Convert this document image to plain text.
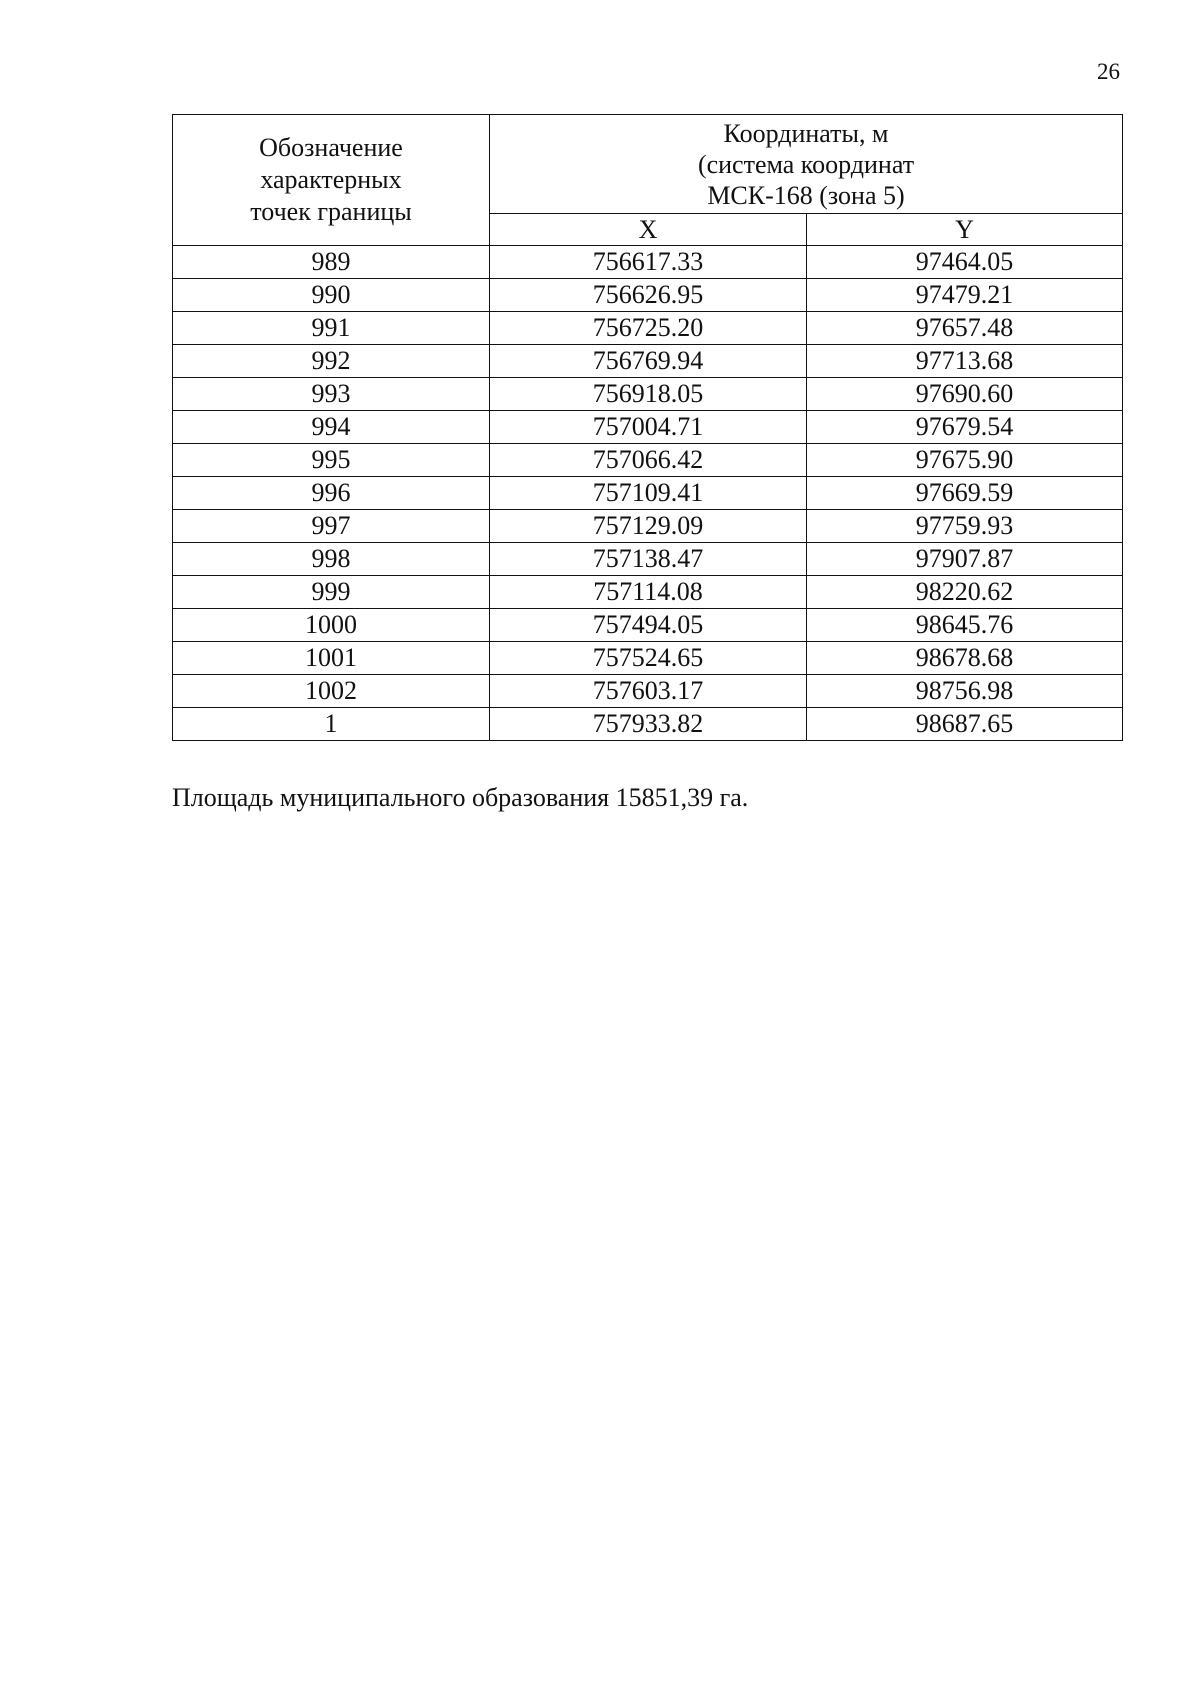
26
Обозначение
характерных
точек границы	Координаты, м
(система координат
МСК-168 (зона 5)	

	X	Y
989	756617.33	97464.05
990	756626.95	97479.21
991	756725.20	97657.48
992	756769.94	97713.68
993	756918.05	97690.60
994	757004.71	97679.54
995	757066.42	97675.90
996	757109.41	97669.59
997	757129.09	97759.93
998	757138.47	97907.87
999	757114.08	98220.62
1000	757494.05	98645.76
1001	757524.65	98678.68
1002	757603.17	98756.98
1	757933.82	98687.65
Площадь муниципального образования 15851,39 га.
